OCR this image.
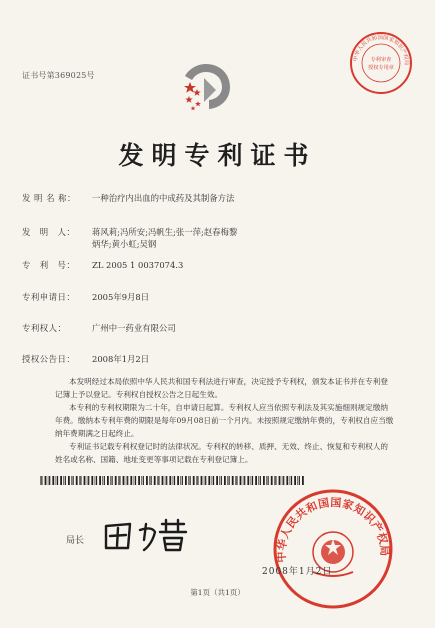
证书号第369025号
中华人民共和国国家知识产权局
专利审查
授权专用章
发明专利证书
发 明 名 称： 一种治疗内出血的中成药及其制备方法
发　明　人： 蒋风莉;冯所安;冯帆生;张一萍;赵春梅黎炳华;黄小虹;吴钢
专　利　号： ZL 2005 1 0037074.3
专利申请日： 2005年9月8日
专利权人：	广州中一药业有限公司
授权公告日： 2008年1月2日
本发明经过本局依照中华人民共和国专利法进行审查，决定授予专利权，颁发本证书并在专利登记簿上予以登记。专利权自授权公告之日起生效。
本专利的专利权期限为二十年，自申请日起算。专利权人应当依照专利法及其实施细则规定缴纳年费。缴纳本专利年费的期限是每年09月08日前一个月内。未按照规定缴纳年费的，专利权自应当缴纳年费期满之日起终止。
专利证书记载专利权登记时的法律状况。专利权的转移、质押、无效、终止、恢复和专利权人的姓名或名称、国籍、地址变更等事项记载在专利登记簿上。
局长
中华人民共和国国家知识产权局
2008年1月2日
第1页（共1页）
